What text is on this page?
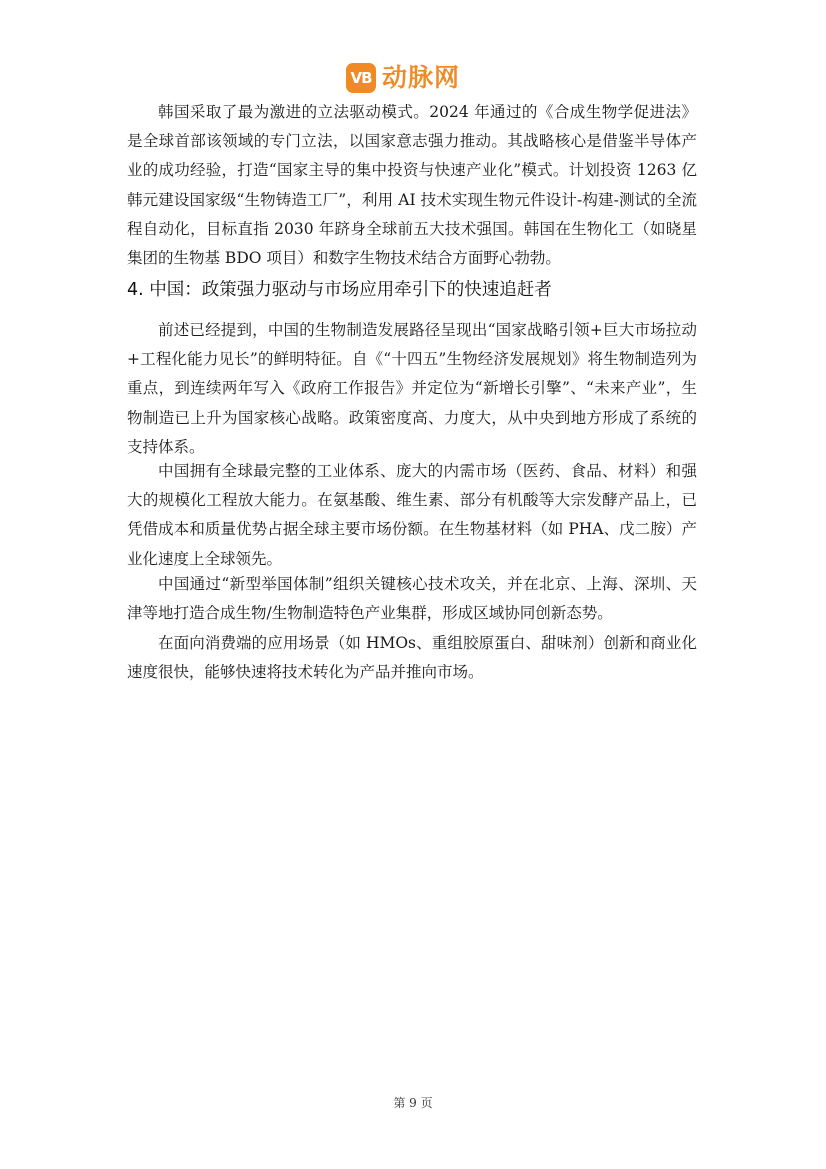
VB 动脉网

韩国采取了最为激进的立法驱动模式。2024 年通过的《合成生物学促进法》是全球首部该领域的专门立法，以国家意志强力推动。其战略核心是借鉴半导体产业的成功经验，打造“国家主导的集中投资与快速产业化”模式。计划投资 1263 亿韩元建设国家级“生物铸造工厂”，利用 AI 技术实现生物元件设计-构建-测试的全流程自动化，目标直指 2030 年跻身全球前五大技术强国。韩国在生物化工（如晓星集团的生物基 BDO 项目）和数字生物技术结合方面野心勃勃。

4. 中国：政策强力驱动与市场应用牵引下的快速追赶者

前述已经提到，中国的生物制造发展路径呈现出“国家战略引领+巨大市场拉动+工程化能力见长”的鲜明特征。自《“十四五”生物经济发展规划》将生物制造列为重点，到连续两年写入《政府工作报告》并定位为“新增长引擎”、“未来产业”，生物制造已上升为国家核心战略。政策密度高、力度大，从中央到地方形成了系统的支持体系。

中国拥有全球最完整的工业体系、庞大的内需市场（医药、食品、材料）和强大的规模化工程放大能力。在氨基酸、维生素、部分有机酸等大宗发酵产品上，已凭借成本和质量优势占据全球主要市场份额。在生物基材料（如 PHA、戊二胺）产业化速度上全球领先。

中国通过“新型举国体制”组织关键核心技术攻关，并在北京、上海、深圳、天津等地打造合成生物/生物制造特色产业集群，形成区域协同创新态势。

在面向消费端的应用场景（如 HMOs、重组胶原蛋白、甜味剂）创新和商业化速度很快，能够快速将技术转化为产品并推向市场。

第 9 页
